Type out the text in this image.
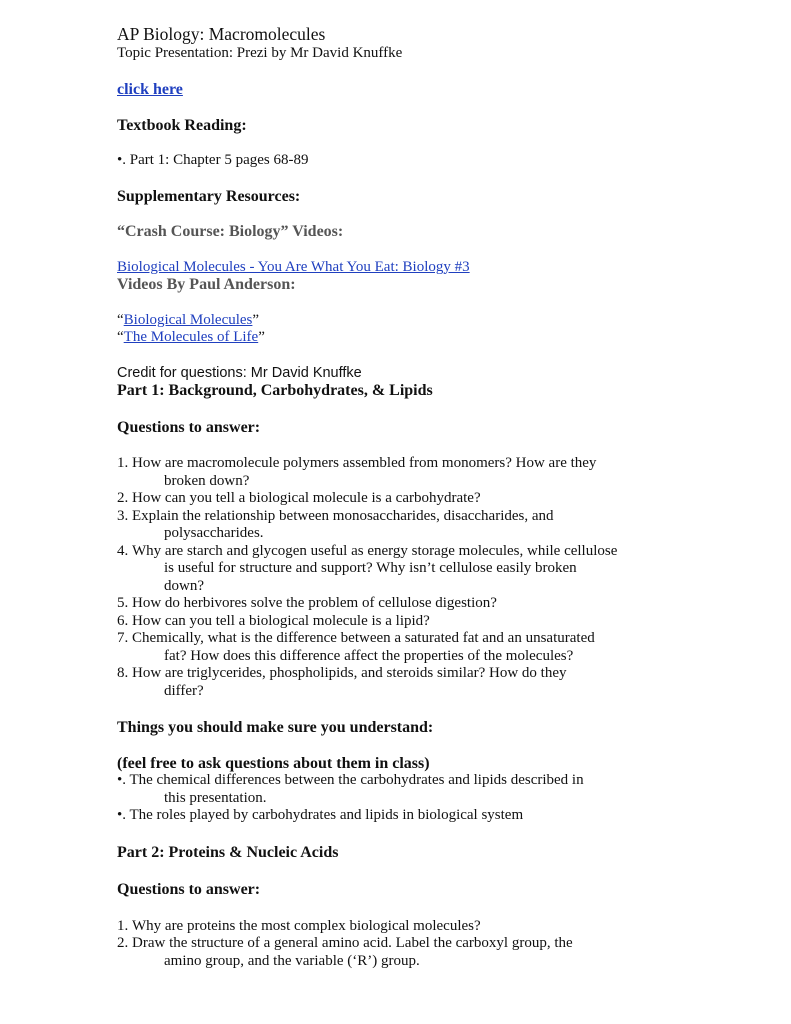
AP Biology: Macromolecules

Topic Presentation: Prezi by Mr David Knuffke

click here

Textbook Reading:

•. Part 1: Chapter 5 pages 68-89

Supplementary Resources:

“Crash Course: Biology” Videos:

Biological Molecules - You Are What You Eat: Biology #3

Videos By Paul Anderson:

“Biological Molecules”

“The Molecules of Life”

Credit for questions: Mr David Knuffke

Part 1: Background, Carbohydrates, & Lipids

Questions to answer:

1. How are macromolecule polymers assembled from monomers? How are they
broken down?
2. How can you tell a biological molecule is a carbohydrate?
3. Explain the relationship between monosaccharides, disaccharides, and
polysaccharides.
4. Why are starch and glycogen useful as energy storage molecules, while cellulose
is useful for structure and support? Why isn’t cellulose easily broken
down?
5. How do herbivores solve the problem of cellulose digestion?
6. How can you tell a biological molecule is a lipid?
7. Chemically, what is the difference between a saturated fat and an unsaturated
fat? How does this difference affect the properties of the molecules?
8. How are triglycerides, phospholipids, and steroids similar? How do they
differ?

Things you should make sure you understand:

(feel free to ask questions about them in class)

•. The chemical differences between the carbohydrates and lipids described in
this presentation.
•. The roles played by carbohydrates and lipids in biological system

Part 2: Proteins & Nucleic Acids

Questions to answer:

1. Why are proteins the most complex biological molecules?
2. Draw the structure of a general amino acid. Label the carboxyl group, the
amino group, and the variable (‘R’) group.
